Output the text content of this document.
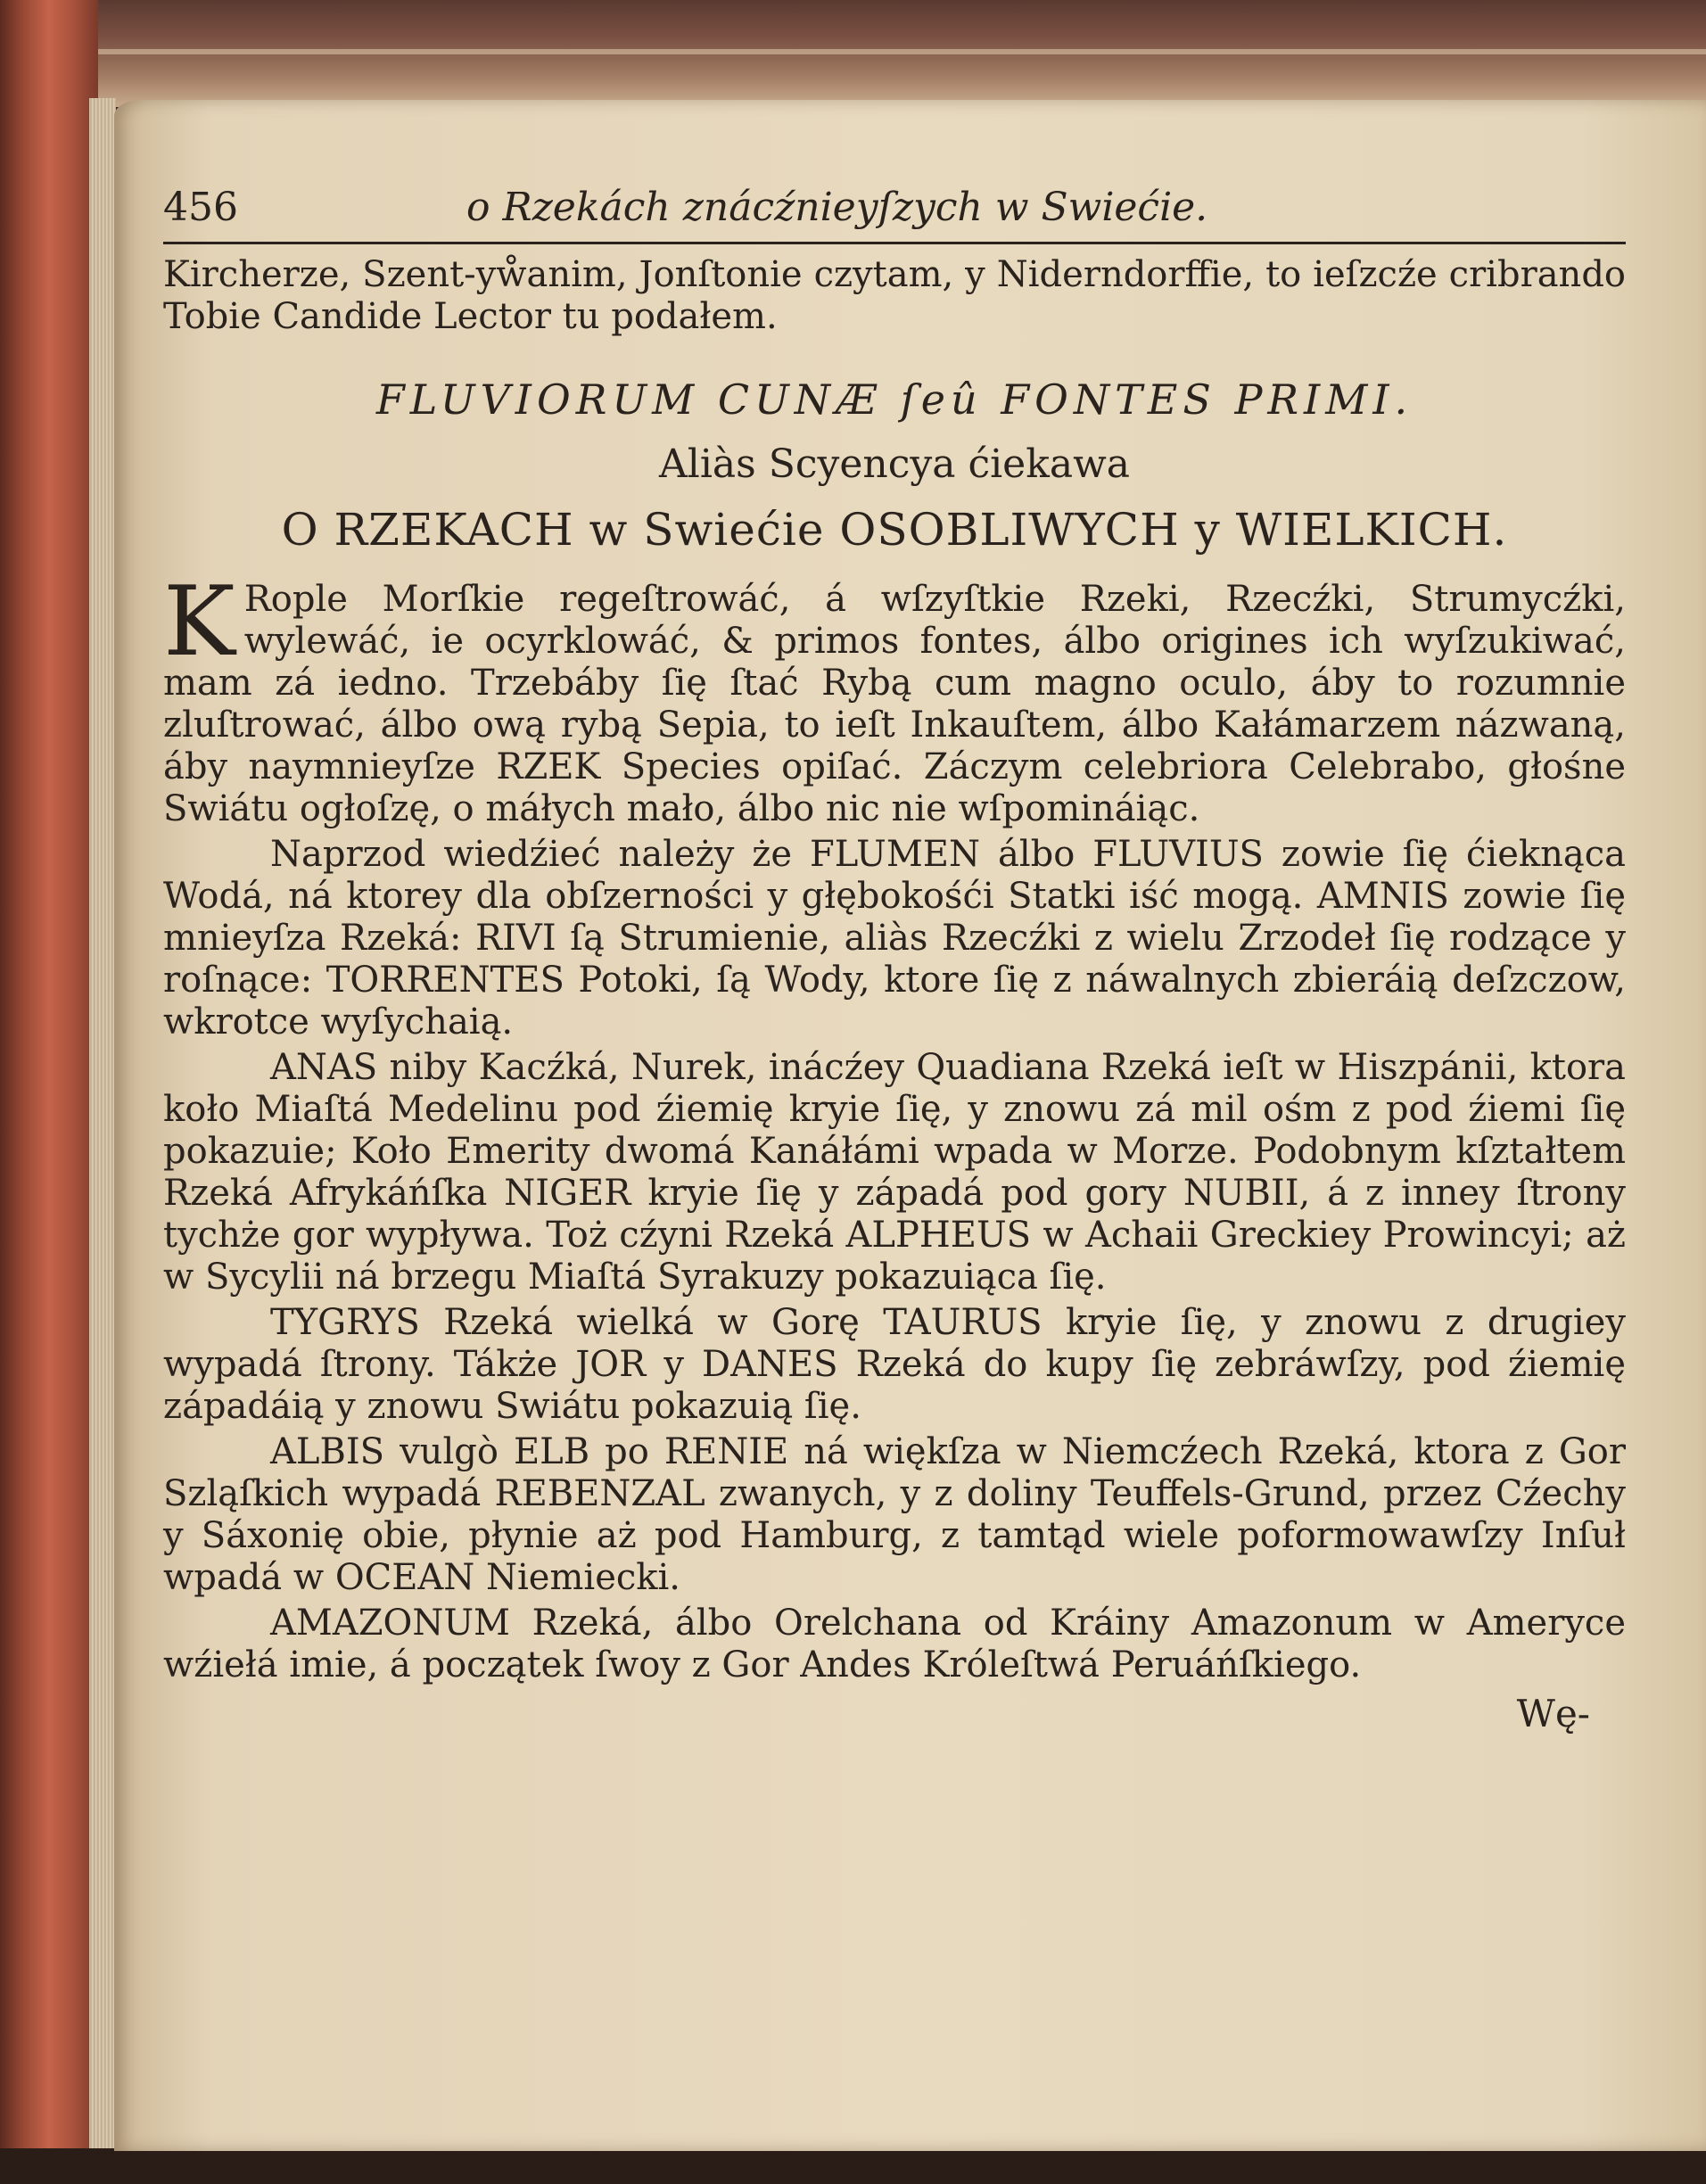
456	o Rzekách znácźnieyſzych w Swiećie.

Kircherze, Szent-yẘanim, Jonſtonie czytam, y Niderndorffie, to ieſzcźe cribrando Tobie Candide Lector tu podałem.

FLUVIORUM CUNÆ ſeû FONTES PRIMI.
Aliàs Scyencya ćiekawa
O RZEKACH w Swiećie OSOBLIWYCH y WIELKICH.

K Rople Morſkie regeſtrowáć, á wſzyſtkie Rzeki, Rzecźki, Strumycźki, wylewáć, ie ocyrklowáć, & primos fontes, álbo origines ich wyſzukiwać, mam zá iedno. Trzebáby ſię ſtać Rybą cum magno oculo, áby to rozumnie zluſtrować, álbo ową rybą Sepia, to ieſt Inkauſtem, álbo Kałámarzem názwaną, áby naymnieyſze RZEK Species opiſać. Záczym celebriora Celebrabo, głośne Swiátu ogłoſzę, o máłych mało, álbo nic nie wſpomináiąc.

Naprzod wiedźieć należy że FLUMEN álbo FLUVIUS zowie ſię ćieknąca Wodá, ná ktorey dla obſzerności y głębokośći Statki iść mogą. AMNIS zowie ſię mnieyſza Rzeká: RIVI ſą Strumienie, aliàs Rzecźki z wielu Zrzodeł ſię rodzące y roſnące: TORRENTES Potoki, ſą Wody, ktore ſię z náwalnych zbieráią deſzczow, wkrotce wyſychaią.

ANAS niby Kacźká, Nurek, inácźey Quadiana Rzeká ieſt w Hiszpánii, ktora koło Miaſtá Medelinu pod źiemię kryie ſię, y znowu zá mil ośm z pod źiemi ſię pokazuie; Koło Emerity dwomá Kanáłámi wpada w Morze. Podobnym kſztałtem Rzeká Afrykáńſka NIGER kryie ſię y západá pod gory NUBII, á z inney ſtrony tychże gor wypływa. Toż cźyni Rzeká ALPHEUS w Achaii Greckiey Prowincyi; aż w Sycylii ná brzegu Miaſtá Syrakuzy pokazuiąca ſię.

TYGRYS Rzeká wielká w Gorę TAURUS kryie ſię, y znowu z drugiey wypadá ſtrony. Tákże JOR y DANES Rzeká do kupy ſię zebráwſzy, pod źiemię západáią y znowu Swiátu pokazuią ſię.

ALBIS vulgò ELB po RENIE ná więkſza w Niemcźech Rzeká, ktora z Gor Szląſkich wypadá REBENZAL zwanych, y z doliny Teuffels-Grund, przez Cźechy y Sáxonię obie, płynie aż pod Hamburg, z tamtąd wiele poformowawſzy Inſuł wpadá w OCEAN Niemiecki.

AMAZONUM Rzeká, álbo Orelchana od Kráiny Amazonum w Ameryce wźiełá imie, á początek ſwoy z Gor Andes Króleſtwá Peruáńſkiego.

Wę-
